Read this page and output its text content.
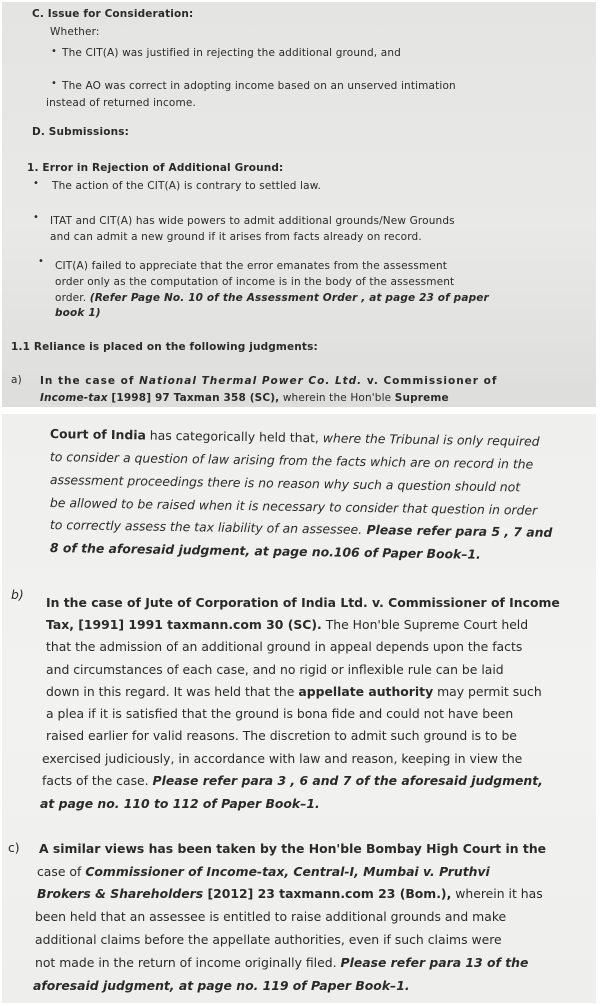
C. Issue for Consideration:
Whether:
• The CIT(A) was justified in rejecting the additional ground, and
• The AO was correct in adopting income based on an unserved intimation
instead of returned income.
D. Submissions:
1. Error in Rejection of Additional Ground:
• The action of the CIT(A) is contrary to settled law.
• ITAT and CIT(A) has wide powers to admit additional grounds/New Grounds
and can admit a new ground if it arises from facts already on record.
• CIT(A) failed to appreciate that the error emanates from the assessment
order only as the computation of income is in the body of the assessment
order. (Refer Page No. 10 of the Assessment Order , at page 23 of paper
book 1)
1.1 Reliance is placed on the following judgments:
a) In the case of National Thermal Power Co. Ltd. v. Commissioner of
Income-tax [1998] 97 Taxman 358 (SC), wherein the Hon'ble Supreme
Court of India has categorically held that, where the Tribunal is only required
to consider a question of law arising from the facts which are on record in the
assessment proceedings there is no reason why such a question should not
be allowed to be raised when it is necessary to consider that question in order
to correctly assess the tax liability of an assessee. Please refer para 5 , 7 and
8 of the aforesaid judgment, at page no.106 of Paper Book–1.
b)
In the case of Jute of Corporation of India Ltd. v. Commissioner of Income
Tax, [1991] 1991 taxmann.com 30 (SC). The Hon'ble Supreme Court held
that the admission of an additional ground in appeal depends upon the facts
and circumstances of each case, and no rigid or inflexible rule can be laid
down in this regard. It was held that the appellate authority may permit such
a plea if it is satisfied that the ground is bona fide and could not have been
raised earlier for valid reasons. The discretion to admit such ground is to be
exercised judiciously, in accordance with law and reason, keeping in view the
facts of the case. Please refer para 3 , 6 and 7 of the aforesaid judgment,
at page no. 110 to 112 of Paper Book–1.
c) A similar views has been taken by the Hon'ble Bombay High Court in the
case of Commissioner of Income-tax, Central-I, Mumbai v. Pruthvi
Brokers & Shareholders [2012] 23 taxmann.com 23 (Bom.), wherein it has
been held that an assessee is entitled to raise additional grounds and make
additional claims before the appellate authorities, even if such claims were
not made in the return of income originally filed. Please refer para 13 of the
aforesaid judgment, at page no. 119 of Paper Book–1.
